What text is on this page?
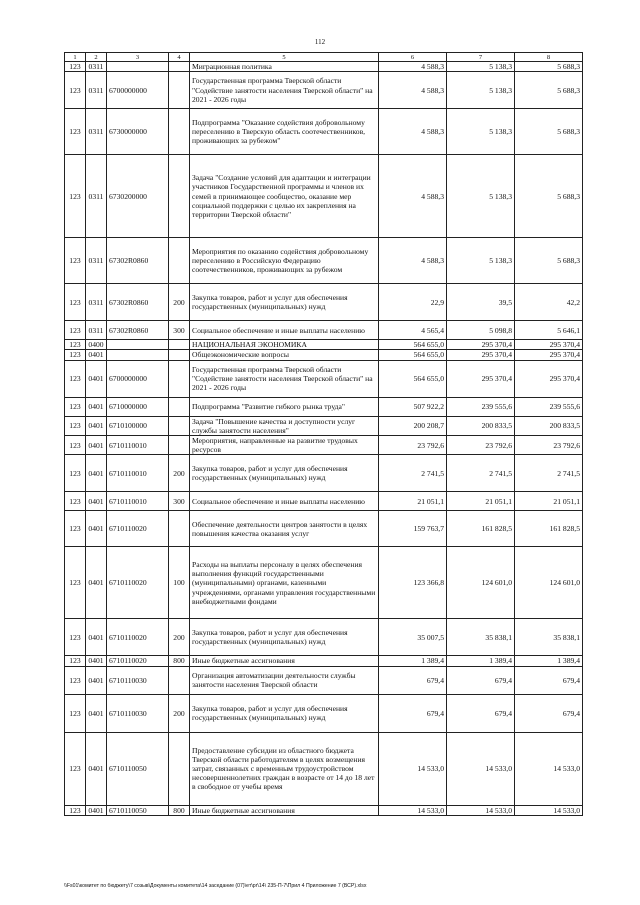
112
1	2	3	4	5	6	7	8
123	0311			Миграционная политика	4 588,3	5 138,3	5 688,3
123	0311	6700000000		Государственная программа Тверской области "Содействие занятости населения Тверской области" на 2021 - 2026 годы	4 588,3	5 138,3	5 688,3
123	0311	6730000000		Подпрограмма "Оказание содействия добровольному переселению в Тверскую область соотечественников, проживающих за рубежом"	4 588,3	5 138,3	5 688,3
123	0311	6730200000		Задача "Создание условий для адаптации и интеграции участников Государственной программы и членов их семей в принимающее сообщество, оказание мер социальной поддержки с целью их закрепления на территории Тверской области"	4 588,3	5 138,3	5 688,3
123	0311	67302R0860		Мероприятия по оказанию содействия добровольному переселению в Российскую Федерацию соотечественников, проживающих за рубежом	4 588,3	5 138,3	5 688,3
123	0311	67302R0860	200	Закупка товаров, работ и услуг для обеспечения государственных (муниципальных) нужд	22,9	39,5	42,2
123	0311	67302R0860	300	Социальное обеспечение и иные выплаты населению	4 565,4	5 098,8	5 646,1
123	0400			НАЦИОНАЛЬНАЯ ЭКОНОМИКА	564 655,0	295 370,4	295 370,4
123	0401			Общеэкономические вопросы	564 655,0	295 370,4	295 370,4
123	0401	6700000000		Государственная программа Тверской области "Содействие занятости населения Тверской области" на 2021 - 2026 годы	564 655,0	295 370,4	295 370,4
123	0401	6710000000		Подпрограмма "Развитие гибкого рынка труда"	507 922,2	239 555,6	239 555,6
123	0401	6710100000		Задача "Повышение качества и доступности услуг службы занятости населения"	200 208,7	200 833,5	200 833,5
123	0401	6710110010		Мероприятия, направленные на развитие трудовых ресурсов	23 792,6	23 792,6	23 792,6
123	0401	6710110010	200	Закупка товаров, работ и услуг для обеспечения государственных (муниципальных) нужд	2 741,5	2 741,5	2 741,5
123	0401	6710110010	300	Социальное обеспечение и иные выплаты населению	21 051,1	21 051,1	21 051,1
123	0401	6710110020		Обеспечение деятельности центров занятости в целях повышения качества оказания услуг	159 763,7	161 828,5	161 828,5
123	0401	6710110020	100	Расходы на выплаты персоналу в целях обеспечения выполнения функций государственными (муниципальными) органами, казенными учреждениями, органами управления государственными внебюджетными фондами	123 366,8	124 601,0	124 601,0
123	0401	6710110020	200	Закупка товаров, работ и услуг для обеспечения государственных (муниципальных) нужд	35 007,5	35 838,1	35 838,1
123	0401	6710110020	800	Иные бюджетные ассигнования	1 389,4	1 389,4	1 389,4
123	0401	6710110030		Организация автоматизации деятельности службы занятости населения Тверской области	679,4	679,4	679,4
123	0401	6710110030	200	Закупка товаров, работ и услуг для обеспечения государственных (муниципальных) нужд	679,4	679,4	679,4
123	0401	6710110050		Предоставление субсидии из областного бюджета Тверской области работодателям в целях возмещения затрат, связанных с временным трудоустройством несовершеннолетних граждан в возрасте от 14 до 18 лет в свободное от учебы время	14 533,0	14 533,0	14 533,0
123	0401	6710110050	800	Иные бюджетные ассигнования	14 533,0	14 533,0	14 533,0
\\Fs01\комитет по бюджету\7 созыв\Документы комитета\14 заседание (07)\eт\pr\14\ 235-П-7\Прил 4 Приложение 7 (ВСР).xlsx
